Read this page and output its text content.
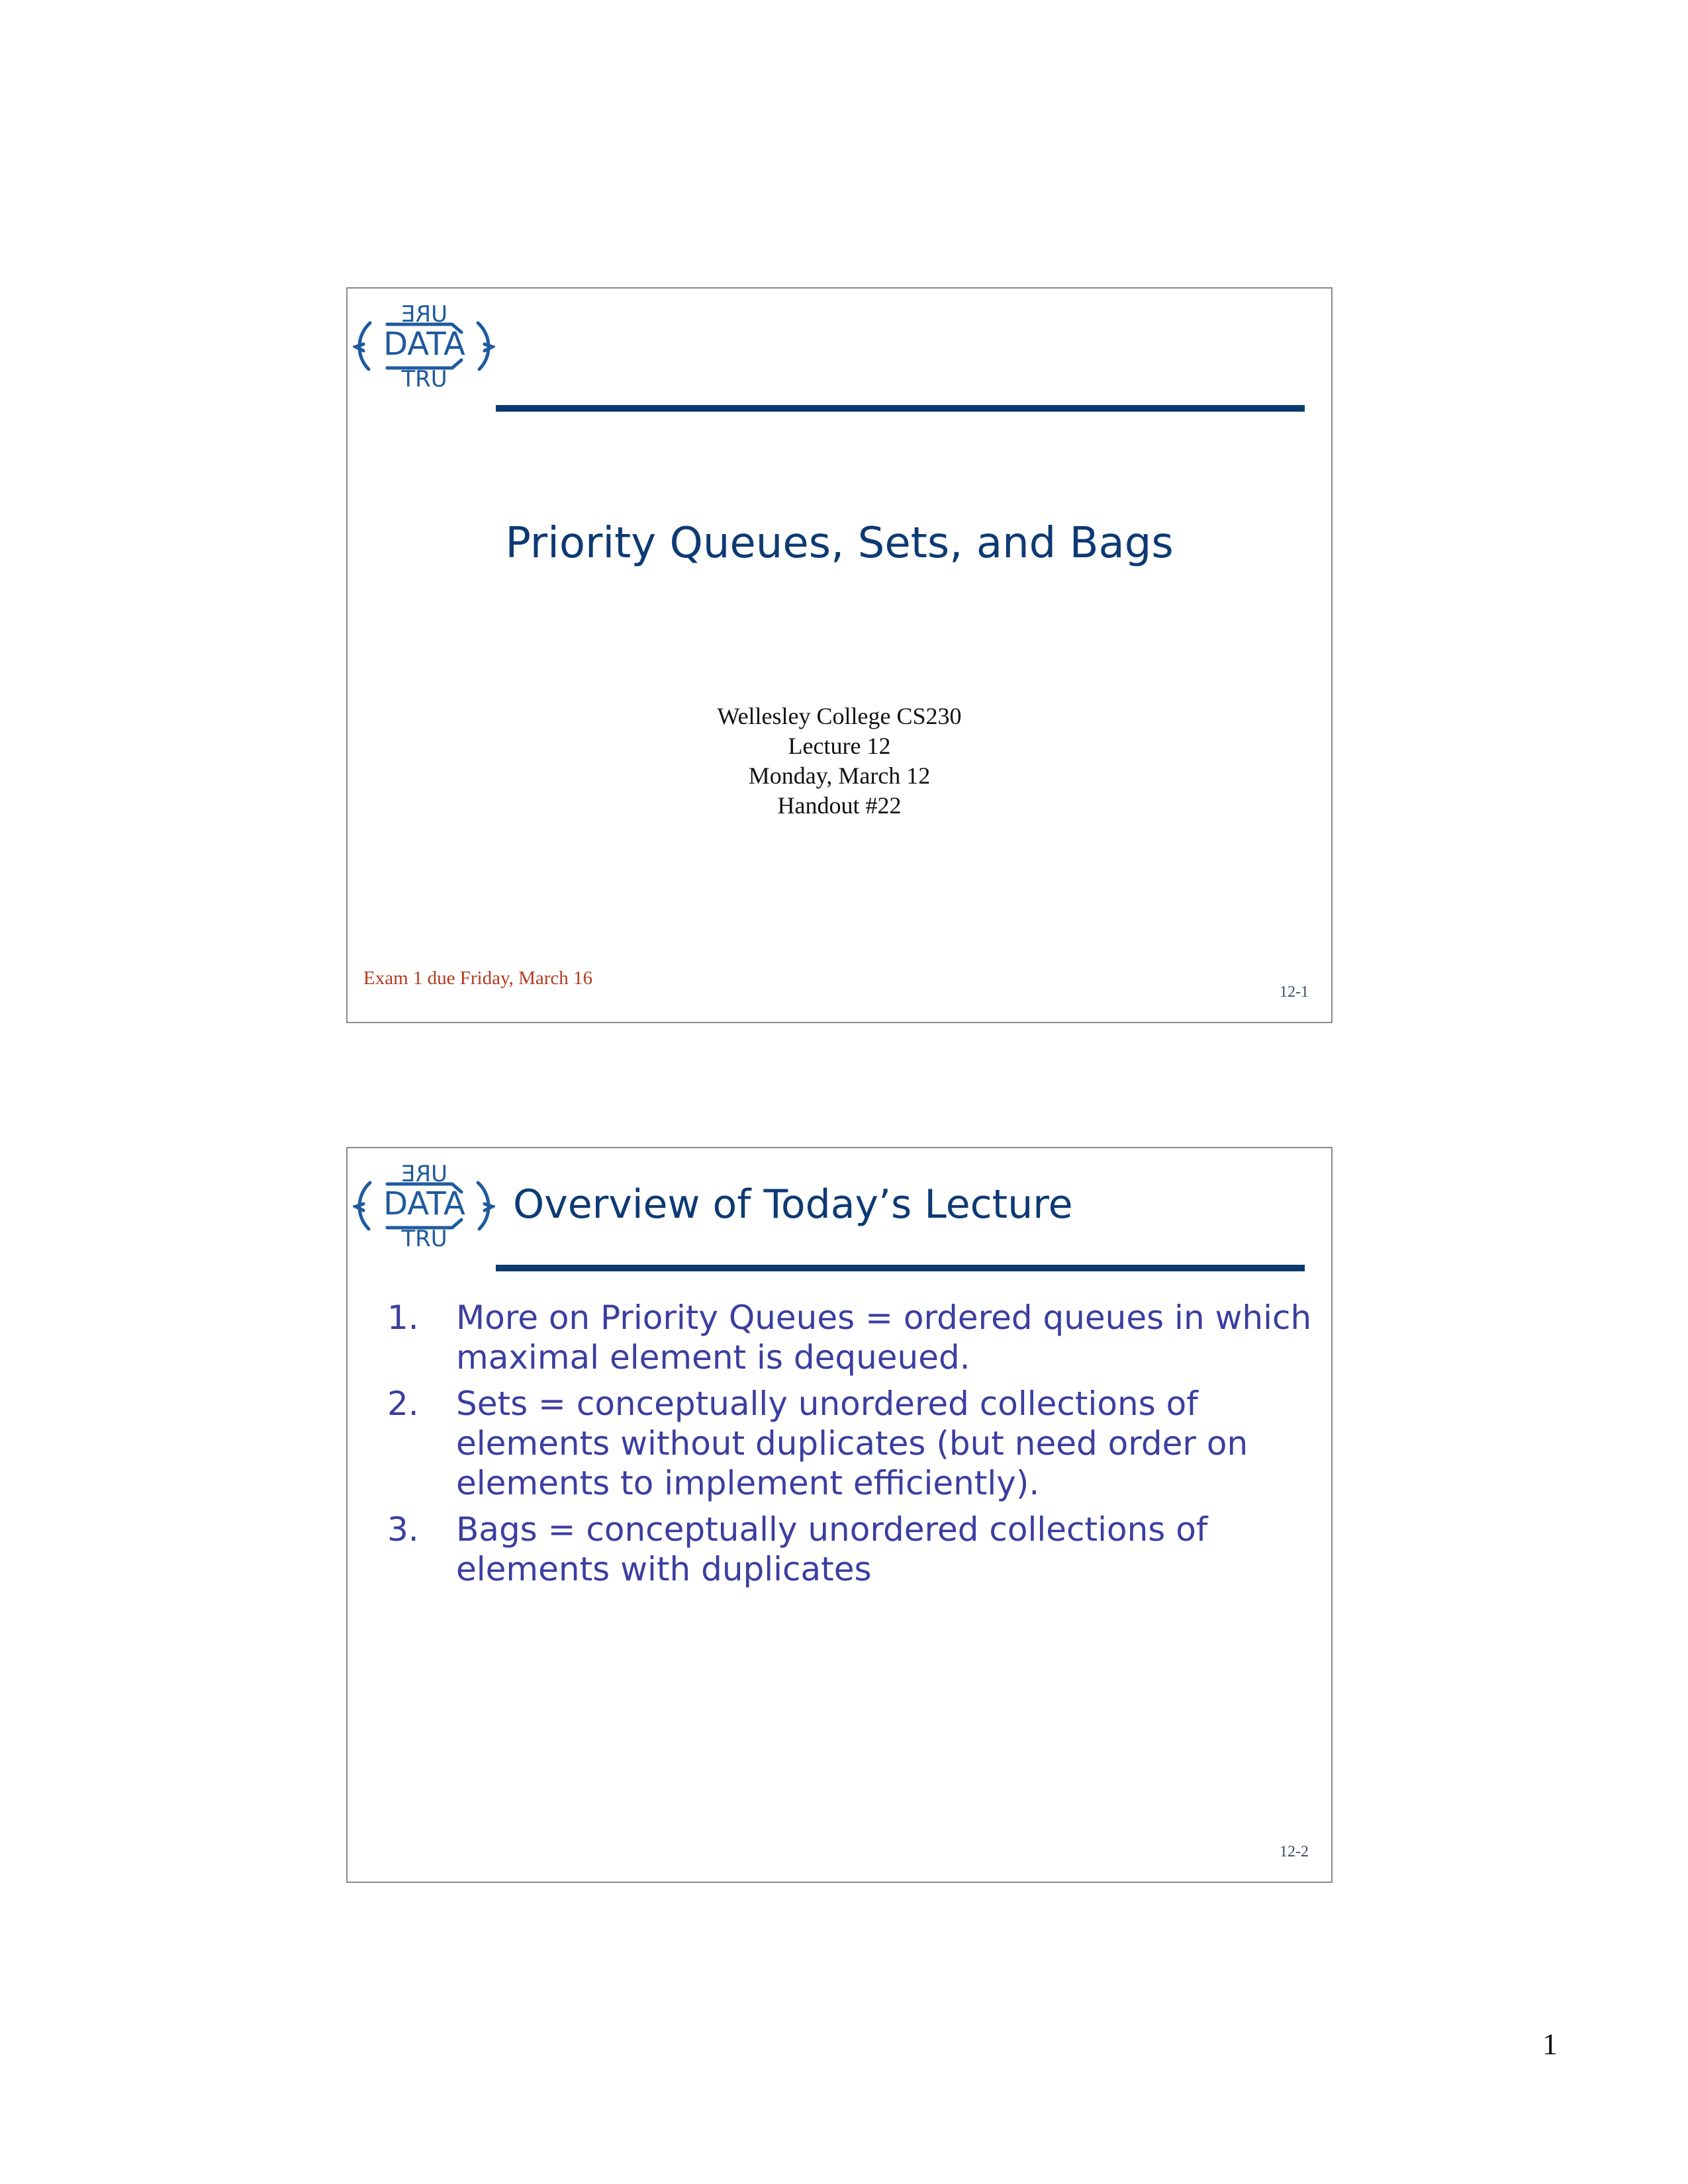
URE
DATA
TRU
Priority Queues, Sets, and Bags
Wellesley College CS230
Lecture 12
Monday, March 12
Handout #22
Exam 1 due Friday, March 16
12-1
URE
DATA
TRU
Overview of Today’s Lecture
1. More on Priority Queues = ordered queues in which maximal element is dequeued.
2. Sets = conceptually unordered collections of elements without duplicates (but need order on elements to implement efficiently).
3. Bags = conceptually unordered collections of elements with duplicates
12-2
1
